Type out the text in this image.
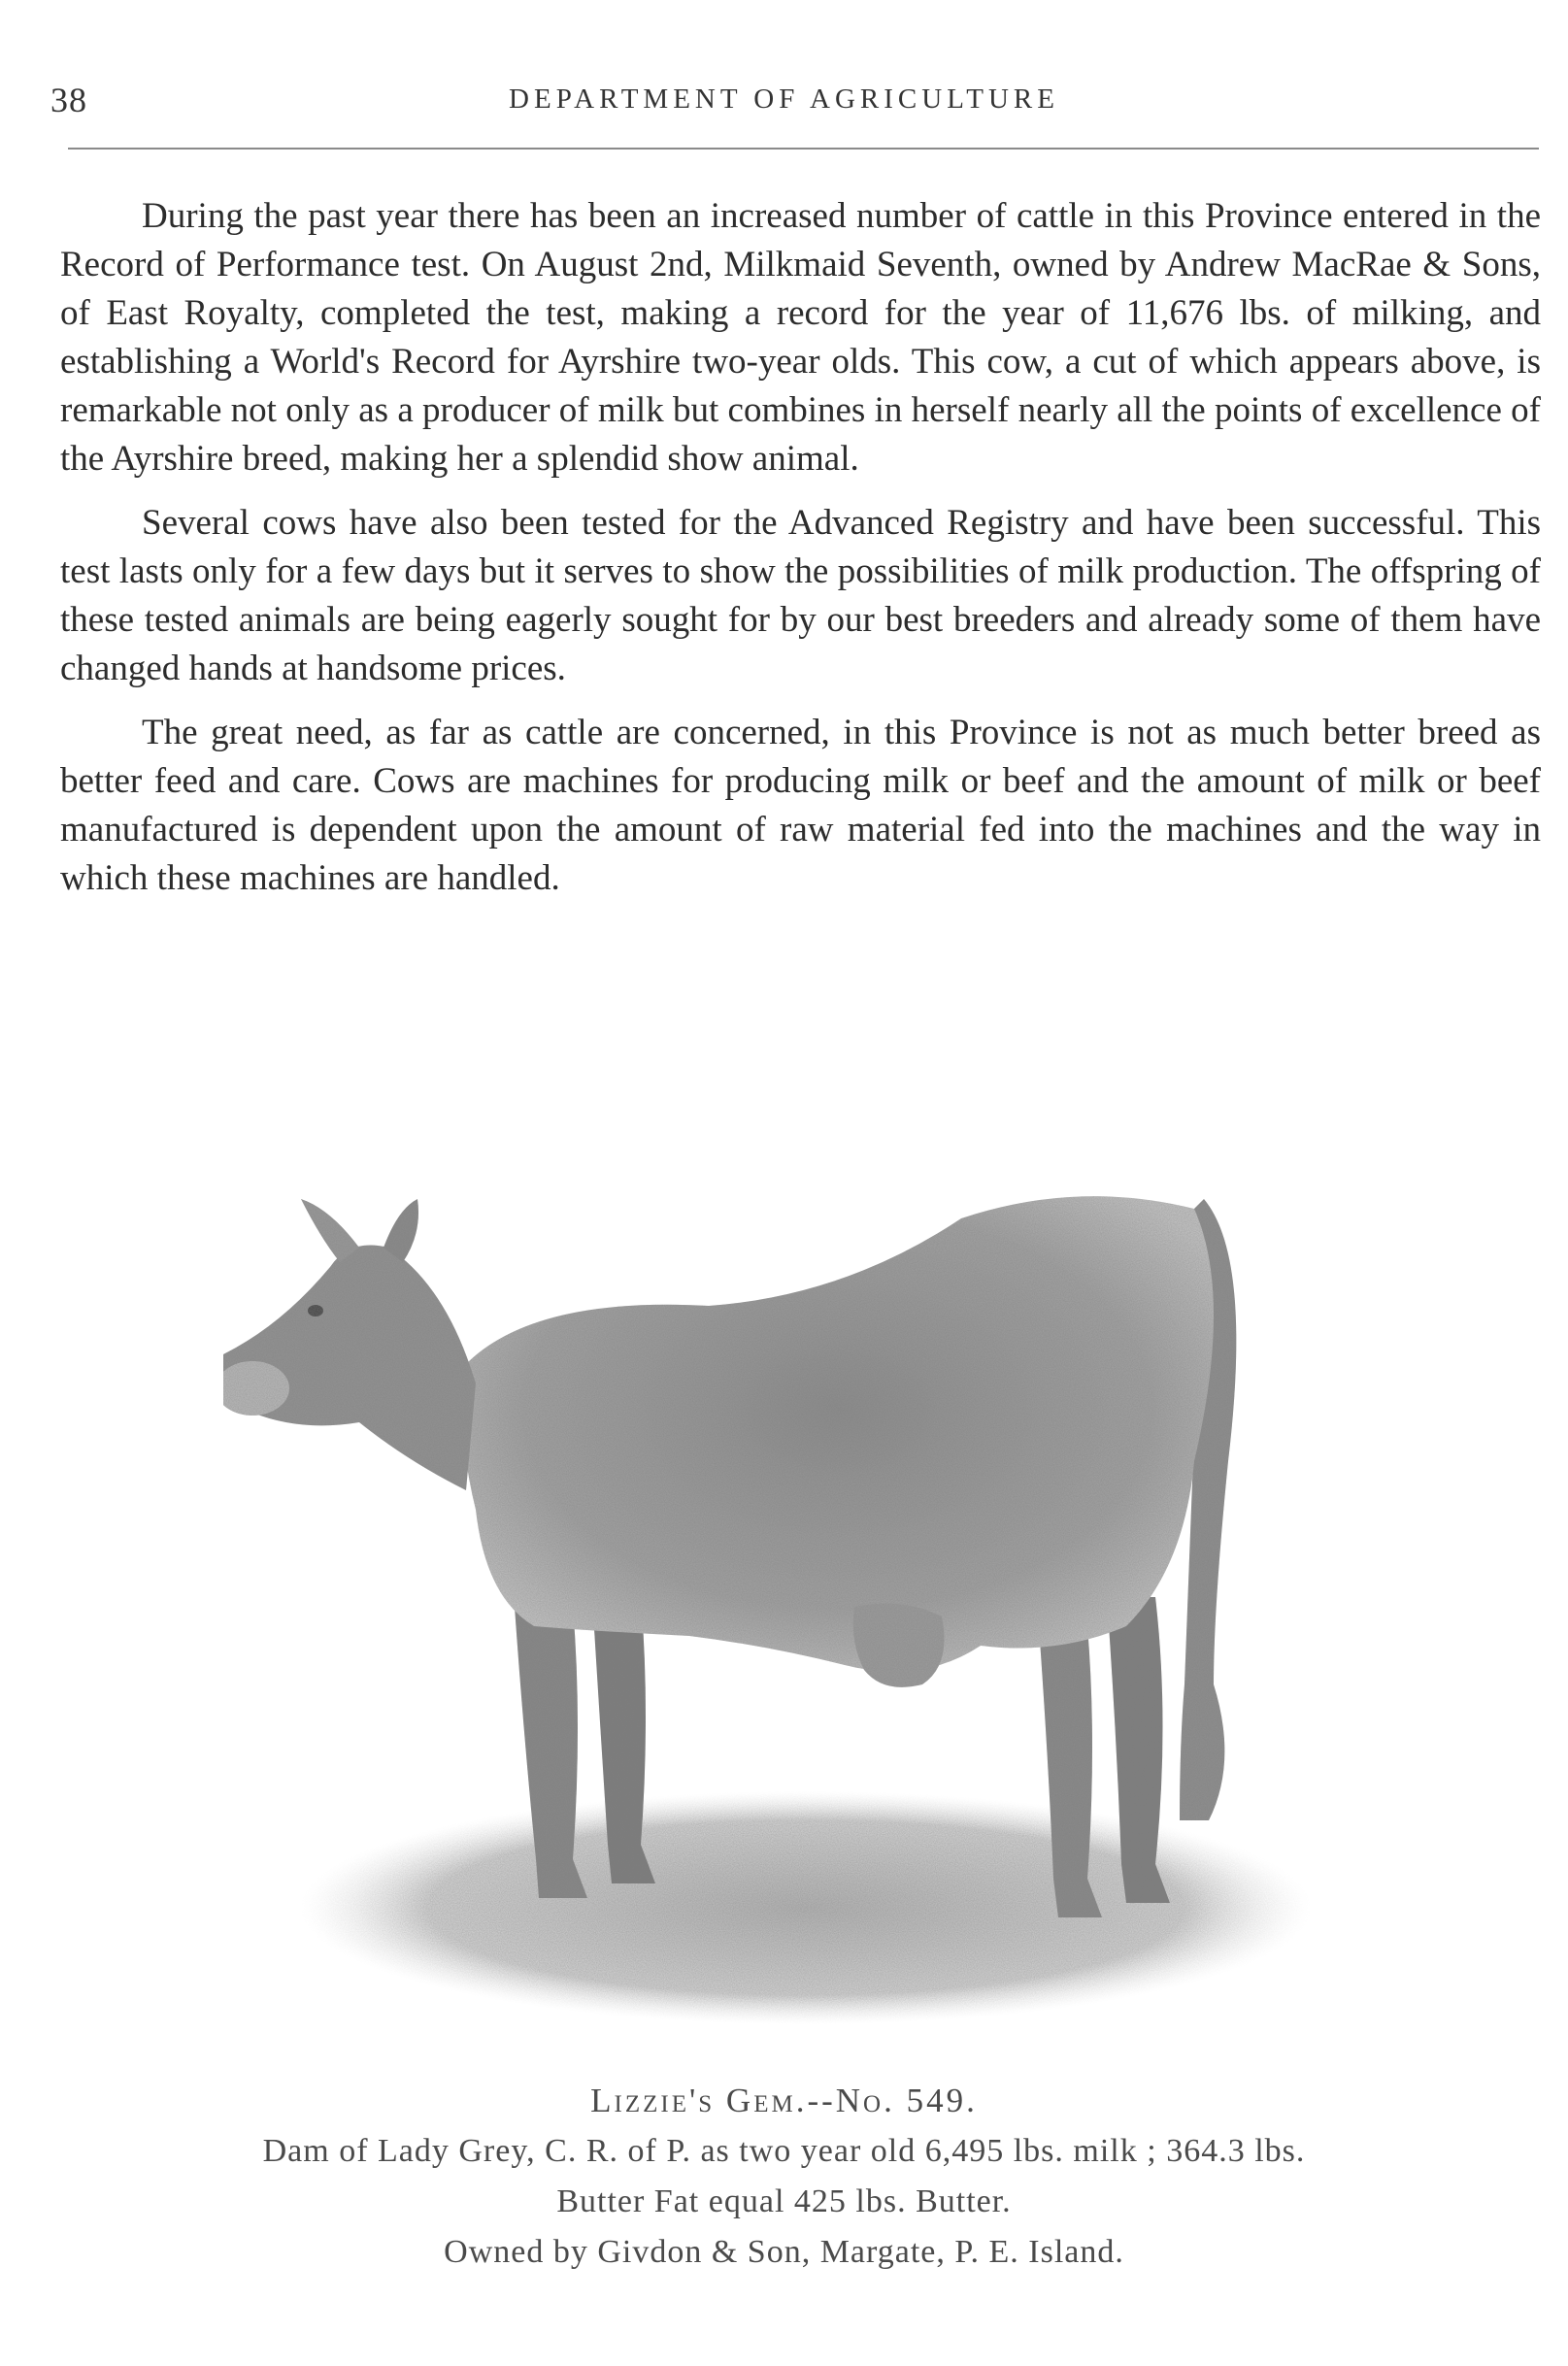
38	DEPARTMENT OF AGRICULTURE

During the past year there has been an increased number of cattle in this Province entered in the Record of Performance test. On August 2nd, Milkmaid Seventh, owned by Andrew MacRae & Sons, of East Royalty, completed the test, making a record for the year of 11,676 lbs. of milking, and establishing a World's Record for Ayrshire two-year olds. This cow, a cut of which appears above, is remarkable not only as a producer of milk but combines in herself nearly all the points of excellence of the Ayrshire breed, making her a splendid show animal.

Several cows have also been tested for the Advanced Registry and have been successful. This test lasts only for a few days but it serves to show the possibilities of milk production. The offspring of these tested animals are being eagerly sought for by our best breeders and already some of them have changed hands at handsome prices.

The great need, as far as cattle are concerned, in this Province is not as much better breed as better feed and care. Cows are machines for producing milk or beef and the amount of milk or beef manufactured is dependent upon the amount of raw material fed into the machines and the way in which these machines are handled.

Lizzie's Gem.--No. 549.
Dam of Lady Grey, C. R. of P. as two year old 6,495 lbs. milk ; 364.3 lbs.
Butter Fat equal 425 lbs. Butter.
Owned by Givdon & Son, Margate, P. E. Island.
